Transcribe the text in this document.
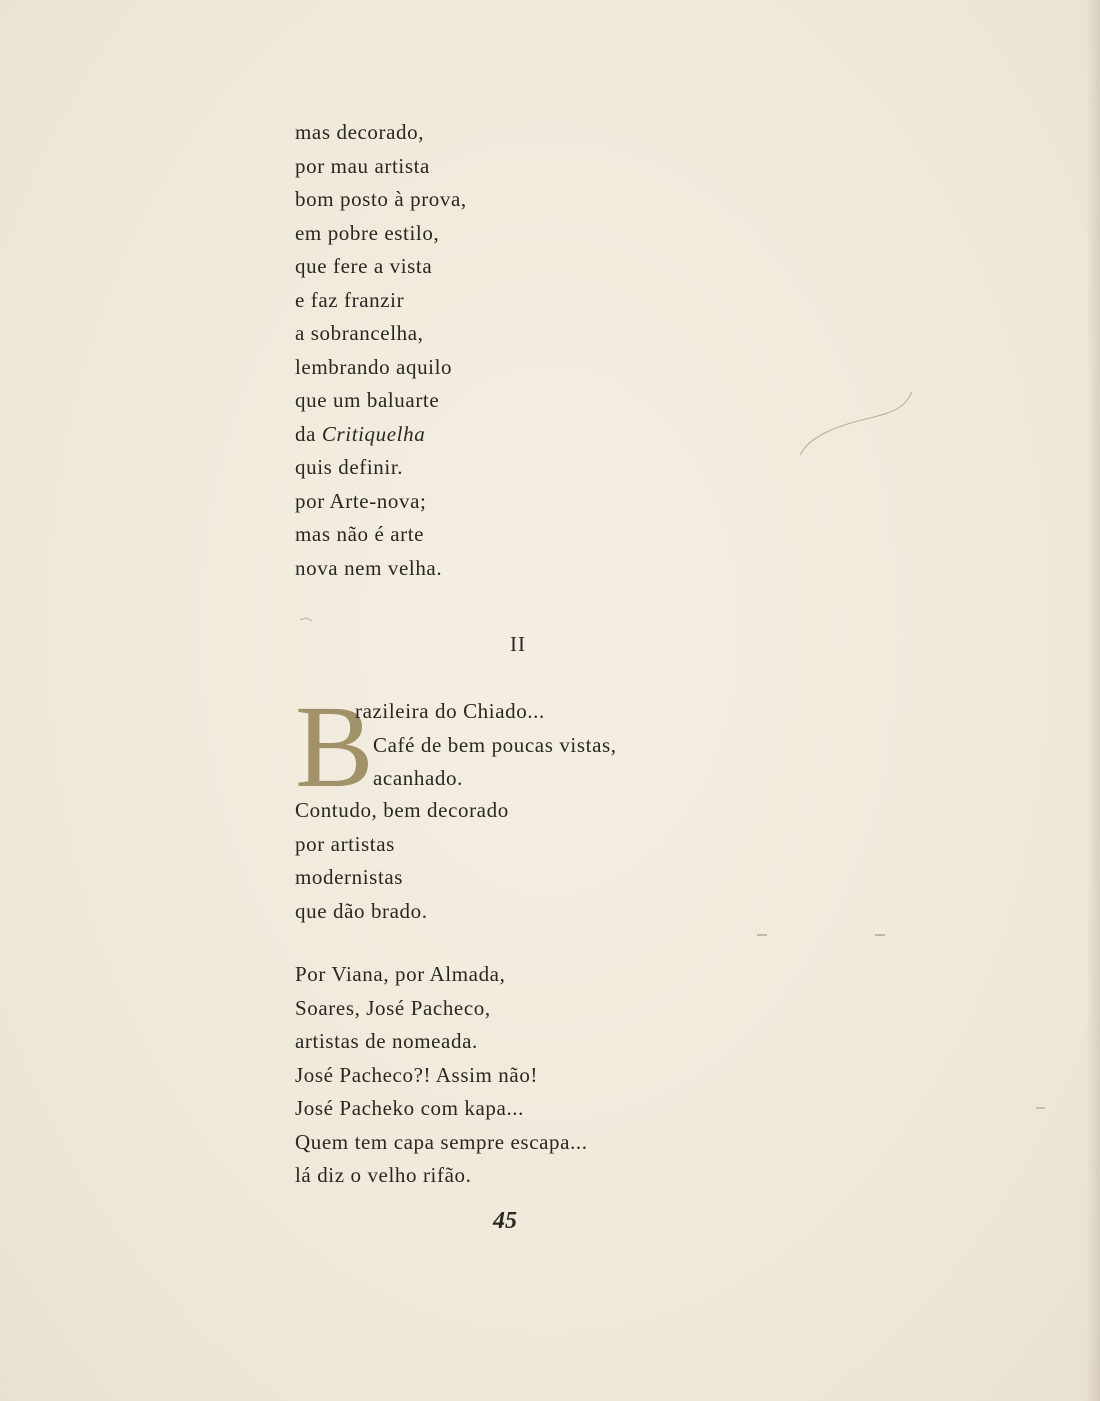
mas decorado,
por mau artista
bom posto à prova,
em pobre estilo,
que fere a vista
e faz franzir
a sobrancelha,
lembrando aquilo
que um baluarte
da Critiquelha
quis definir.
por Arte-nova;
mas não é arte
nova nem velha.
II
B
razileira do Chiado...
Café de bem poucas vistas,
acanhado.
Contudo, bem decorado
por artistas
modernistas
que dão brado.
Por Viana, por Almada,
Soares, José Pacheco,
artistas de nomeada.
José Pacheco?! Assim não!
José Pacheko com kapa...
Quem tem capa sempre escapa...
lá diz o velho rifão.
45
